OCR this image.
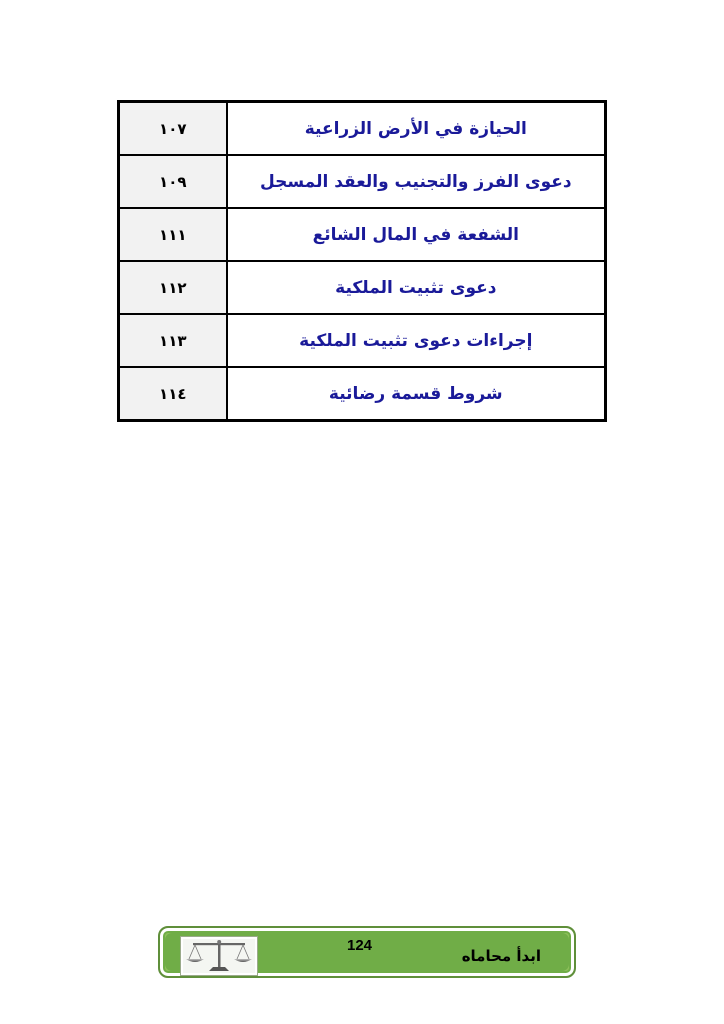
١٠٧	الحيازة في الأرض الزراعية
١٠٩	دعوى الفرز والتجنيب والعقد المسجل
١١١	الشفعة في المال الشائع
١١٢	دعوى تثبيت الملكية
١١٣	إجراءات دعوى تثبيت الملكية
١١٤	شروط قسمة رضائية
124
ابدأ محاماه
